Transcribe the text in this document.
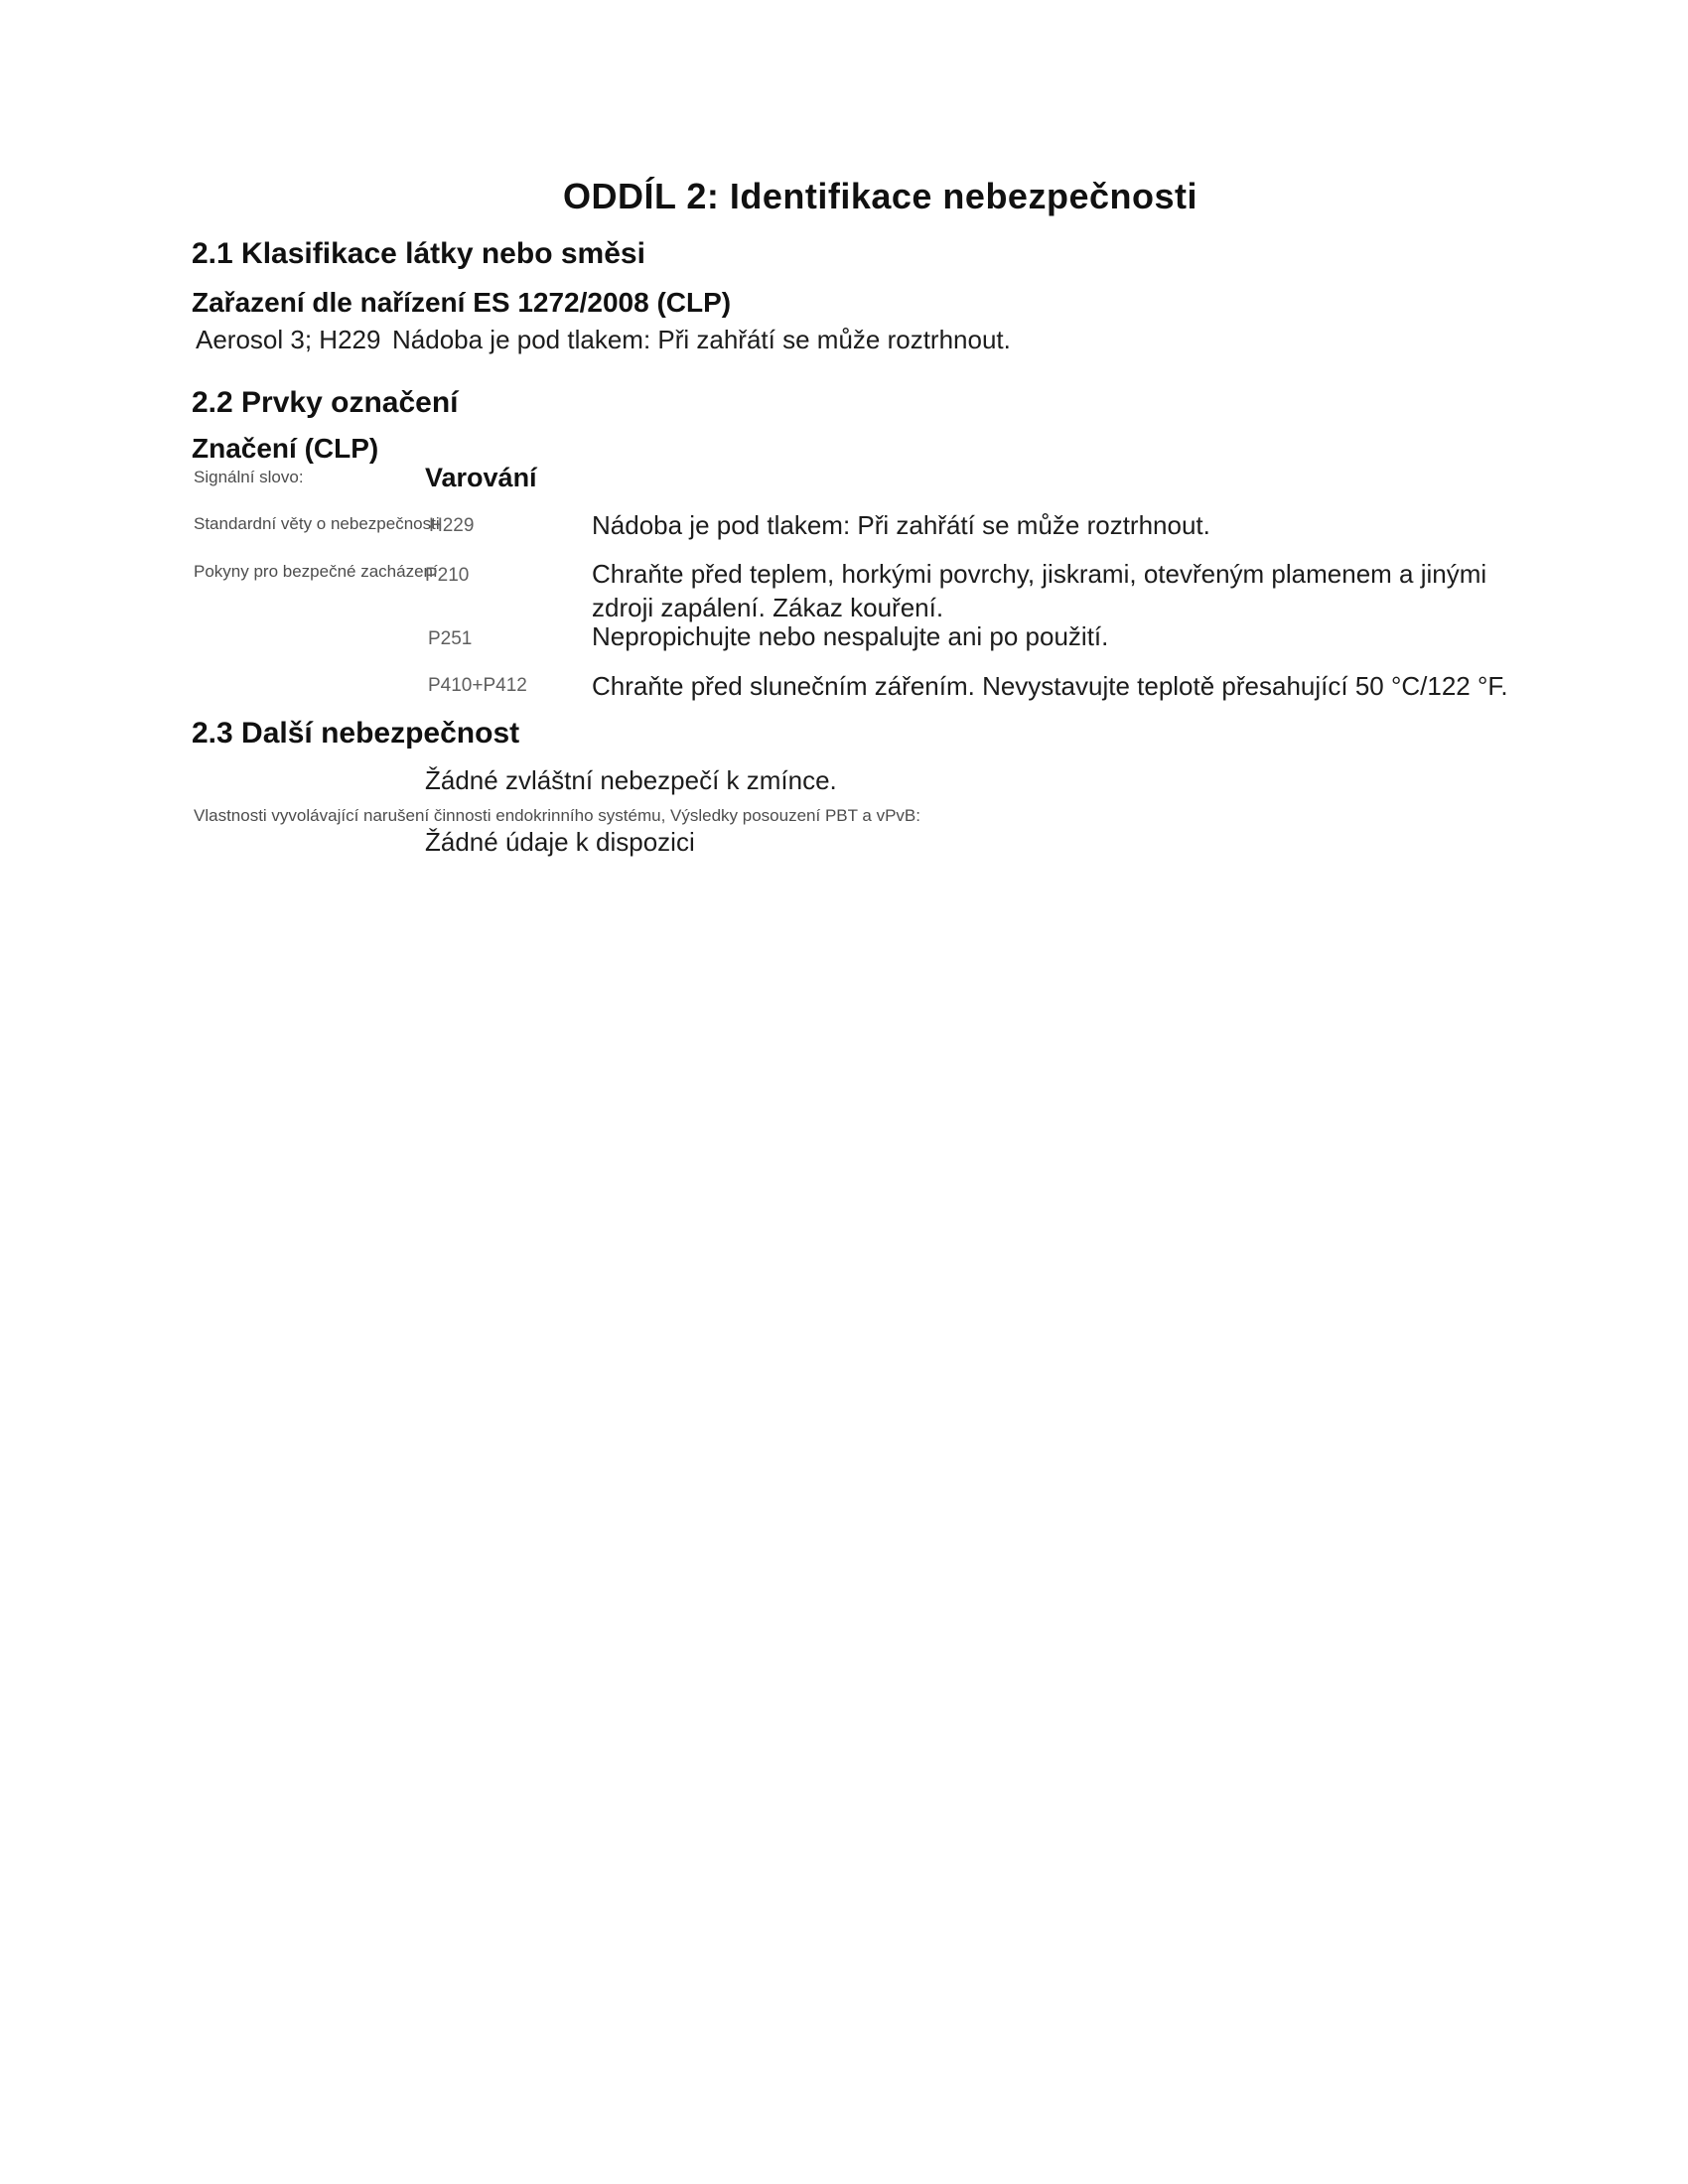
ODDÍL 2: Identifikace nebezpečnosti
2.1 Klasifikace látky nebo směsi
Zařazení dle nařízení ES 1272/2008 (CLP)
Aerosol 3; H229 Nádoba je pod tlakem: Při zahřátí se může roztrhnout.
2.2 Prvky označení
Značení (CLP)
Signální slovo:	Varování
Standardní věty o nebezpečnosti
H229	Nádoba je pod tlakem: Při zahřátí se může roztrhnout.
Pokyny pro bezpečné zacházení
P210	Chraňte před teplem, horkými povrchy, jiskrami, otevřeným plamenem a jinými zdroji zapálení. Zákaz kouření.
P251	Nepropichujte nebo nespalujte ani po použití.
P410+P412	Chraňte před slunečním zářením. Nevystavujte teplotě přesahující 50 °C/122 °F.
2.3 Další nebezpečnost
Žádné zvláštní nebezpečí k zmínce.
Vlastnosti vyvolávající narušení činnosti endokrinního systému, Výsledky posouzení PBT a vPvB:
Žádné údaje k dispozici
